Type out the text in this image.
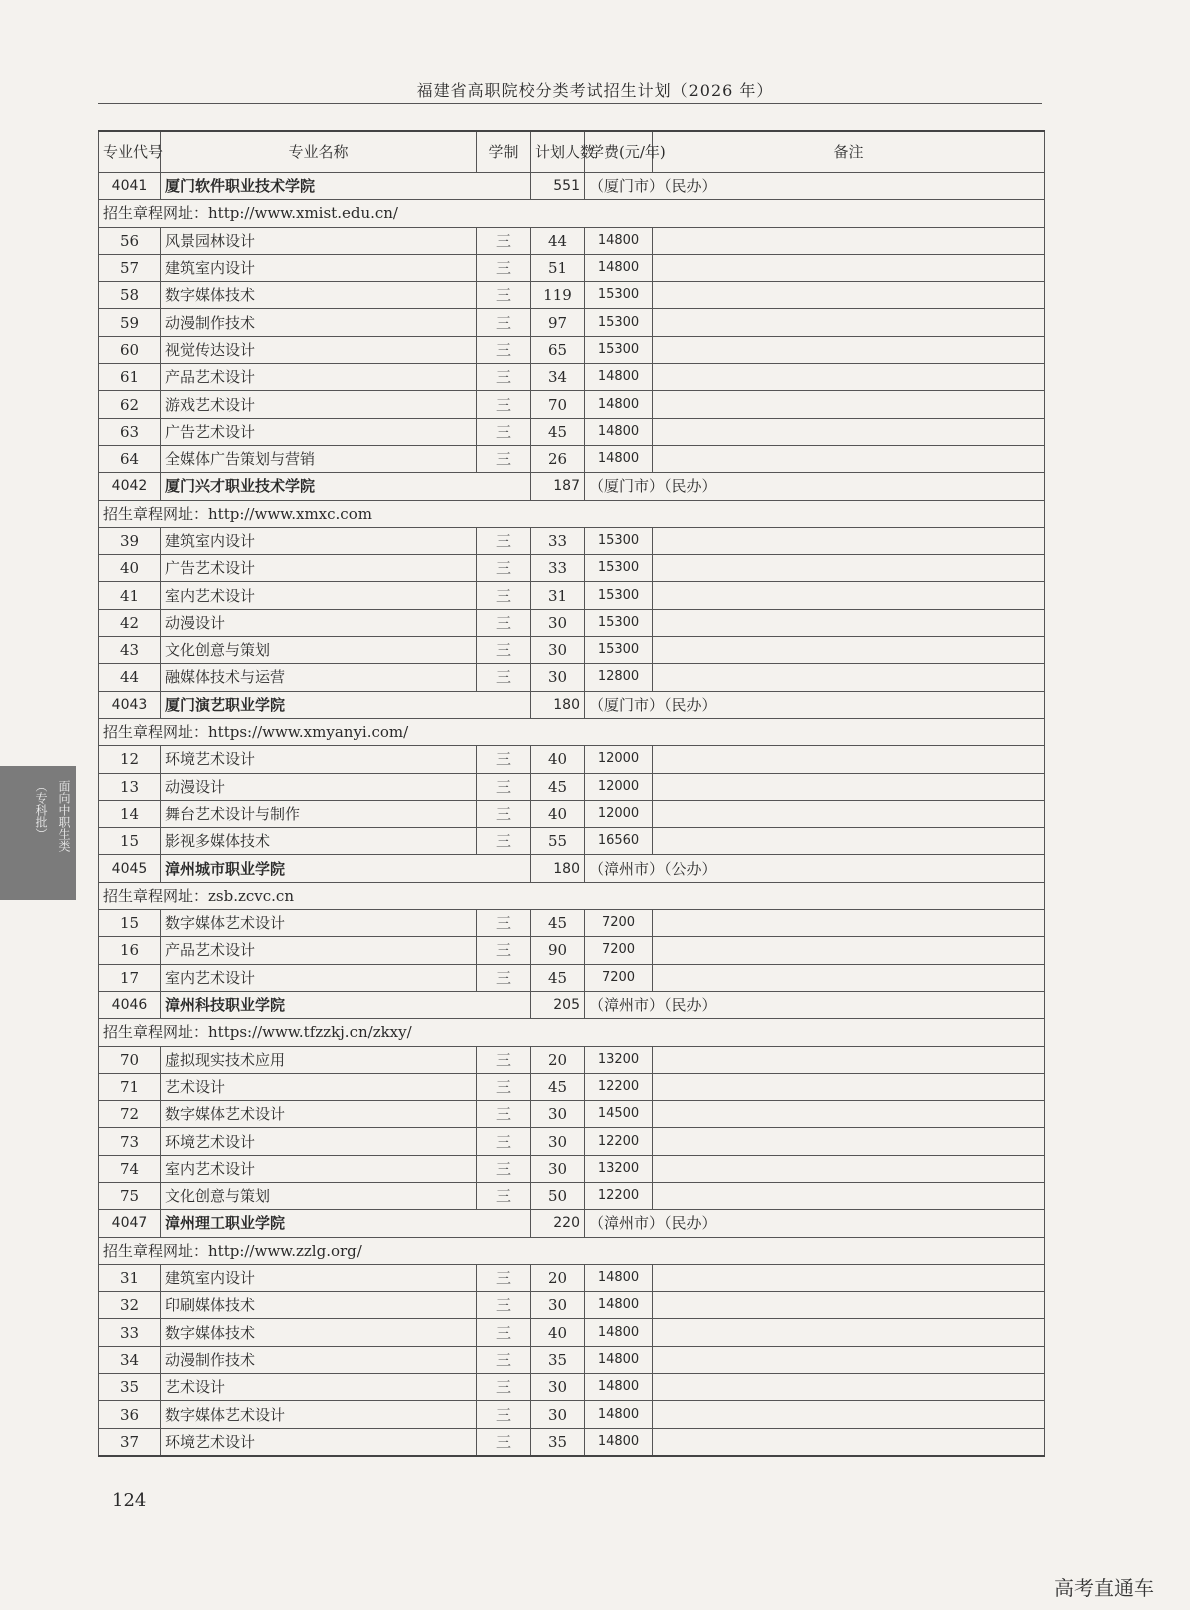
福建省高职院校分类考试招生计划（2026 年）
专业代号	专业名称	学制	计划人数	学费(元/年)	备注
4041	厦门软件职业技术学院		551	（厦门市）（民办）	
招生章程网址：http://www.xmist.edu.cn/					
56	风景园林设计	三	44	14800	
57	建筑室内设计	三	51	14800	
58	数字媒体技术	三	119	15300	
59	动漫制作技术	三	97	15300	
60	视觉传达设计	三	65	15300	
61	产品艺术设计	三	34	14800	
62	游戏艺术设计	三	70	14800	
63	广告艺术设计	三	45	14800	
64	全媒体广告策划与营销	三	26	14800	
4042	厦门兴才职业技术学院		187	（厦门市）（民办）	
招生章程网址：http://www.xmxc.com					
39	建筑室内设计	三	33	15300	
40	广告艺术设计	三	33	15300	
41	室内艺术设计	三	31	15300	
42	动漫设计	三	30	15300	
43	文化创意与策划	三	30	15300	
44	融媒体技术与运营	三	30	12800	
4043	厦门演艺职业学院		180	（厦门市）（民办）	
招生章程网址：https://www.xmyanyi.com/					
12	环境艺术设计	三	40	12000	
13	动漫设计	三	45	12000	
14	舞台艺术设计与制作	三	40	12000	
15	影视多媒体技术	三	55	16560	
4045	漳州城市职业学院		180	（漳州市）（公办）	
招生章程网址：zsb.zcvc.cn					
15	数字媒体艺术设计	三	45	7200	
16	产品艺术设计	三	90	7200	
17	室内艺术设计	三	45	7200	
4046	漳州科技职业学院		205	（漳州市）（民办）	
招生章程网址：https://www.tfzzkj.cn/zkxy/					
70	虚拟现实技术应用	三	20	13200	
71	艺术设计	三	45	12200	
72	数字媒体艺术设计	三	30	14500	
73	环境艺术设计	三	30	12200	
74	室内艺术设计	三	30	13200	
75	文化创意与策划	三	50	12200	
4047	漳州理工职业学院		220	（漳州市）（民办）	
招生章程网址：http://www.zzlg.org/					
31	建筑室内设计	三	20	14800	
32	印刷媒体技术	三	30	14800	
33	数字媒体技术	三	40	14800	
34	动漫制作技术	三	35	14800	
35	艺术设计	三	30	14800	
36	数字媒体艺术设计	三	30	14800	
37	环境艺术设计	三	35	14800	
面向中职生类
（专科批）
124
高考直通车
